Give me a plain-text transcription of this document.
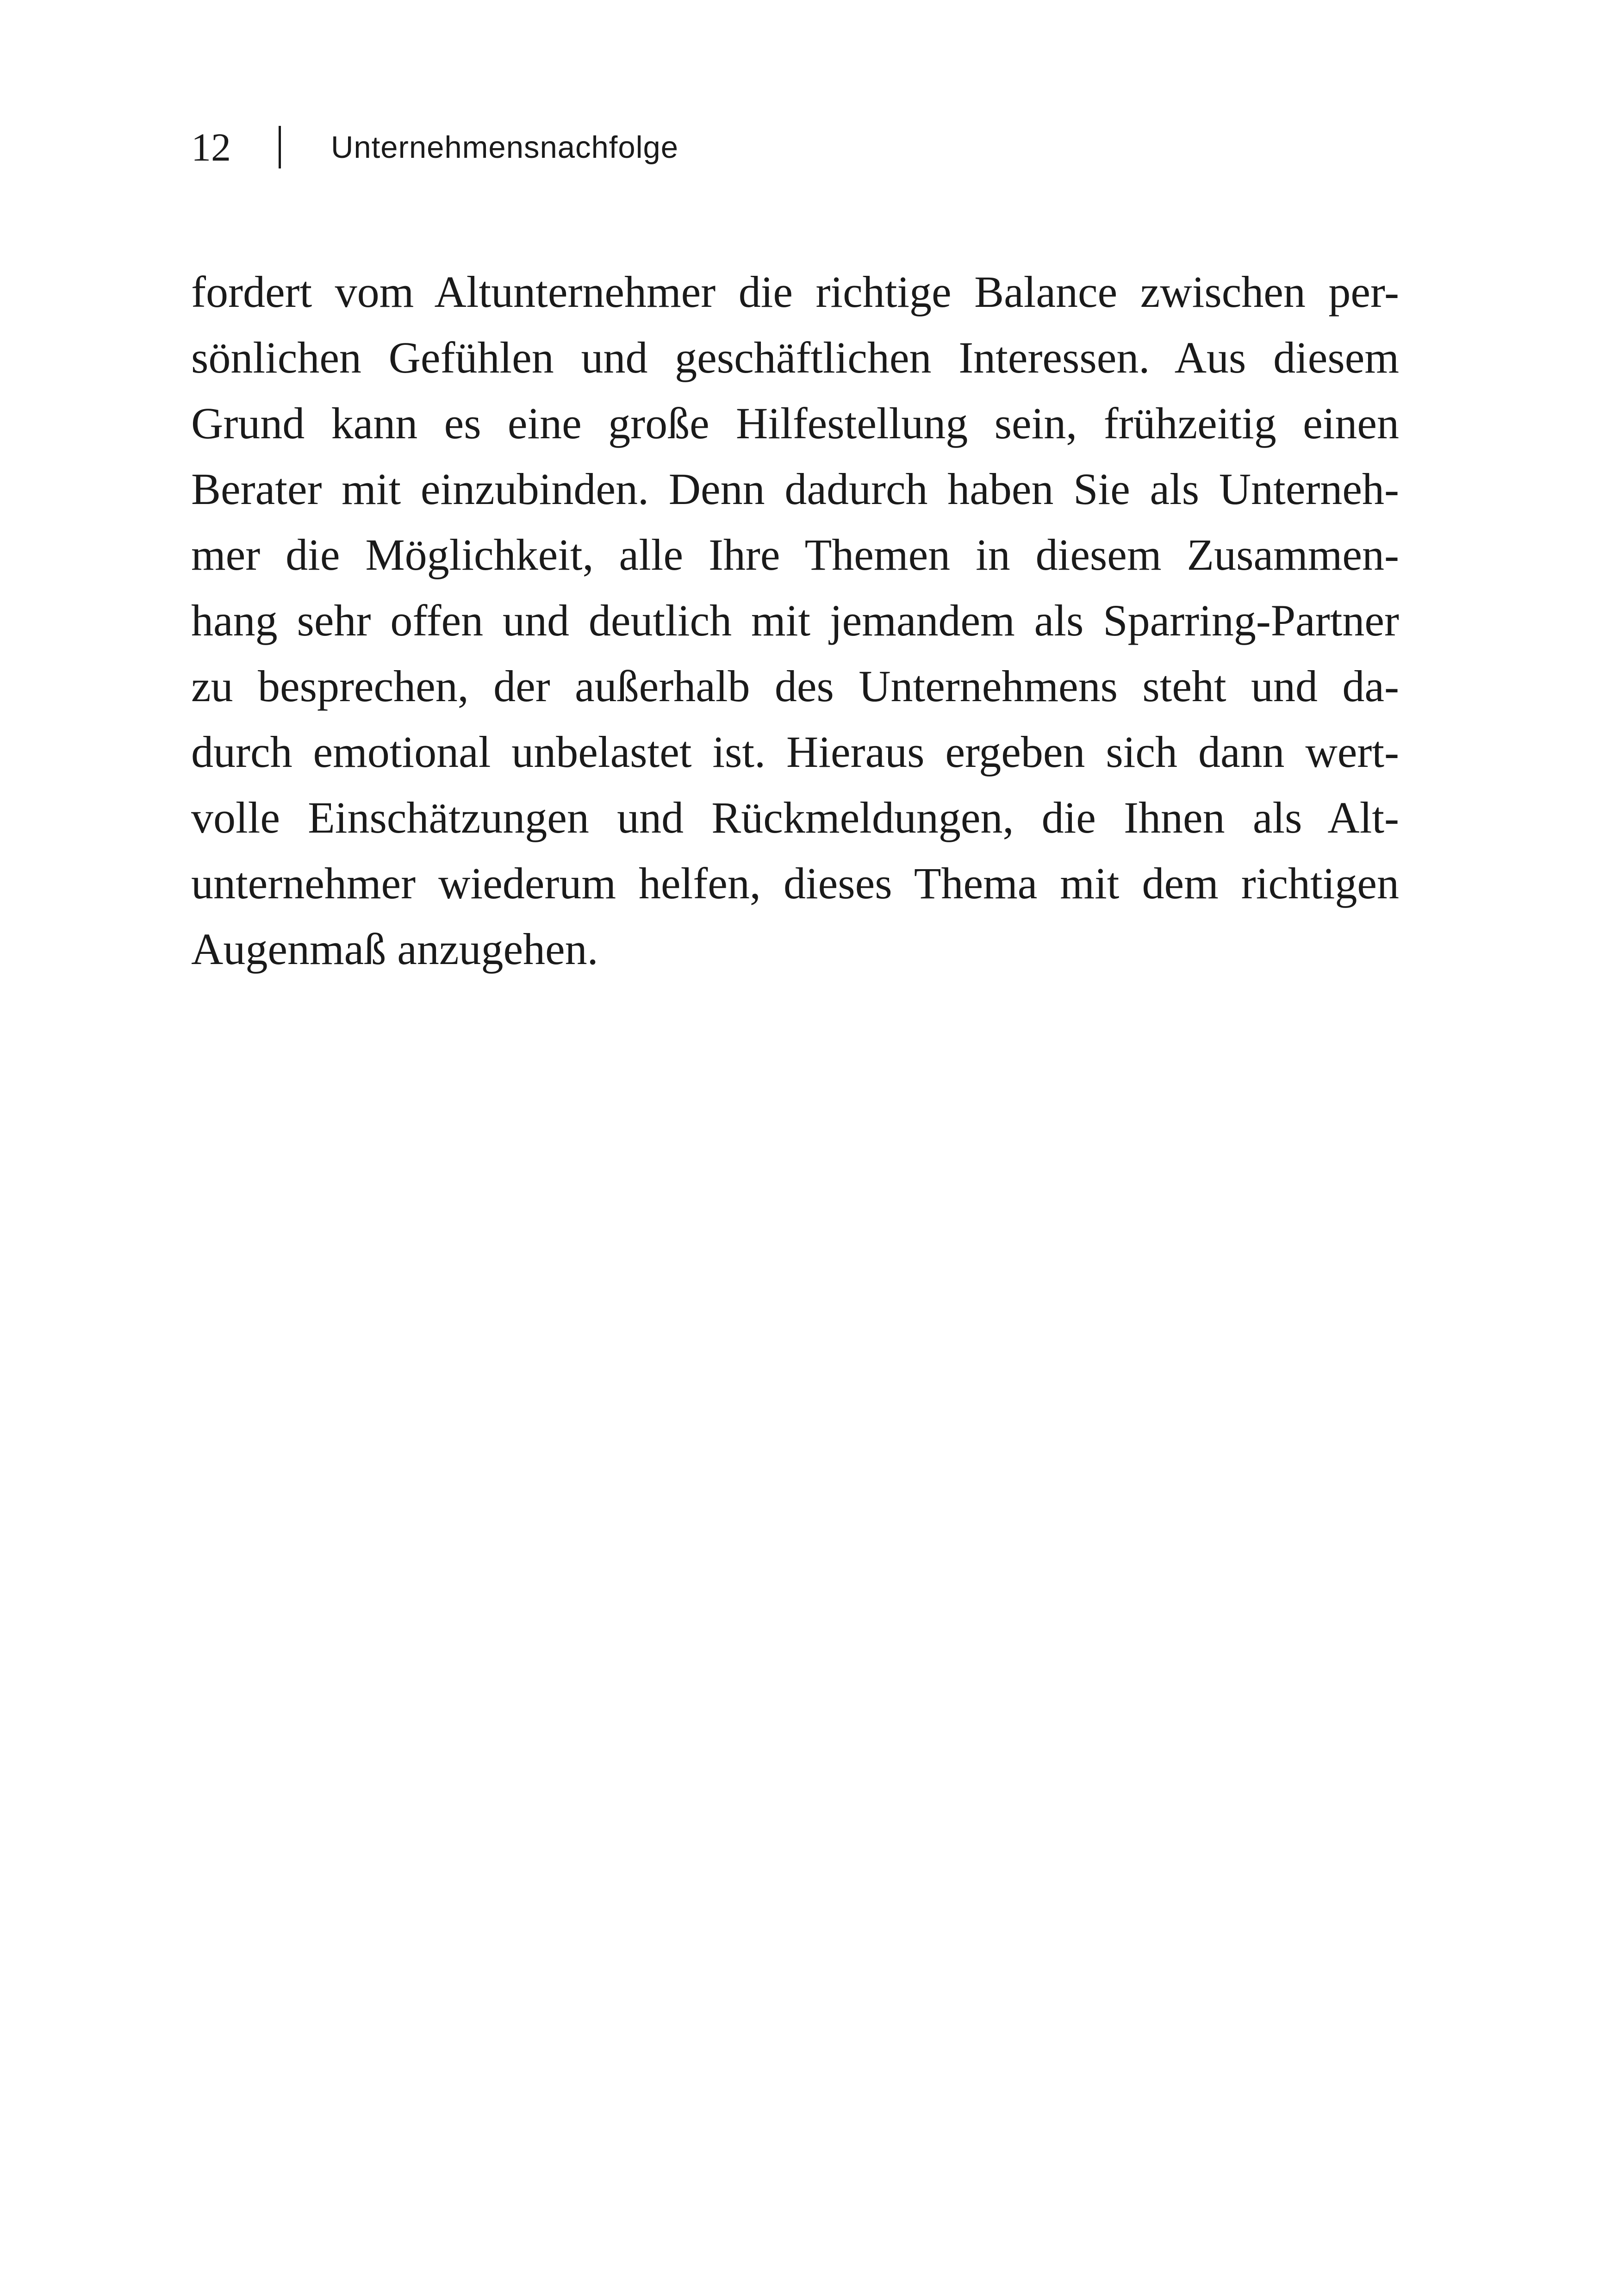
12	Unternehmensnachfolge

fordert vom Altunternehmer die richtige Balance zwischen per-
sönlichen Gefühlen und geschäftlichen Interessen. Aus diesem
Grund kann es eine große Hilfestellung sein, frühzeitig einen
Berater mit einzubinden. Denn dadurch haben Sie als Unterneh-
mer die Möglichkeit, alle Ihre Themen in diesem Zusammen-
hang sehr offen und deutlich mit jemandem als Sparring-Partner
zu besprechen, der außerhalb des Unternehmens steht und da-
durch emotional unbelastet ist. Hieraus ergeben sich dann wert-
volle Einschätzungen und Rückmeldungen, die Ihnen als Alt-
unternehmer wiederum helfen, dieses Thema mit dem richtigen
Augenmaß anzugehen.
